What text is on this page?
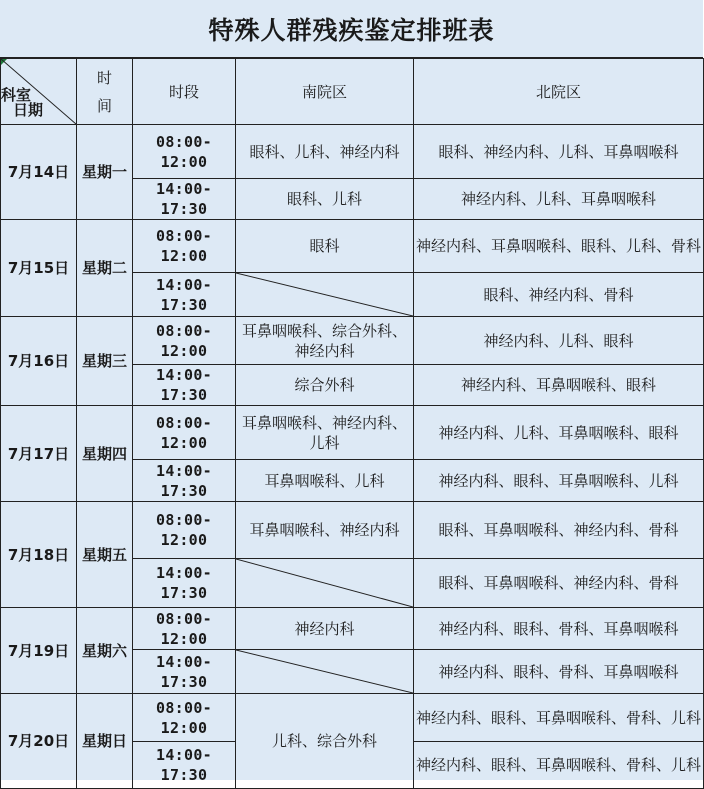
特殊人群残疾鉴定排班表
科室
日期	时间	时段	南院区	北院区
7月14日	星期一	08:00-12:00	眼科、儿科、神经内科	眼科、神经内科、儿科、耳鼻咽喉科
		14:00-17:30	眼科、儿科	神经内科、儿科、耳鼻咽喉科
7月15日	星期二	08:00-12:00	眼科	神经内科、耳鼻咽喉科、眼科、儿科、骨科
		14:00-17:30		眼科、神经内科、骨科
7月16日	星期三	08:00-12:00	耳鼻咽喉科、综合外科、神经内科	神经内科、儿科、眼科
		14:00-17:30	综合外科	神经内科、耳鼻咽喉科、眼科
7月17日	星期四	08:00-12:00	耳鼻咽喉科、神经内科、儿科	神经内科、儿科、耳鼻咽喉科、眼科
		14:00-17:30	耳鼻咽喉科、儿科	神经内科、眼科、耳鼻咽喉科、儿科
7月18日	星期五	08:00-12:00	耳鼻咽喉科、神经内科	眼科、耳鼻咽喉科、神经内科、骨科
		14:00-17:30		眼科、耳鼻咽喉科、神经内科、骨科
7月19日	星期六	08:00-12:00	神经内科	神经内科、眼科、骨科、耳鼻咽喉科
		14:00-17:30		神经内科、眼科、骨科、耳鼻咽喉科
7月20日	星期日	08:00-12:00	儿科、综合外科	神经内科、眼科、耳鼻咽喉科、骨科、儿科
		14:00-17:30		神经内科、眼科、耳鼻咽喉科、骨科、儿科
